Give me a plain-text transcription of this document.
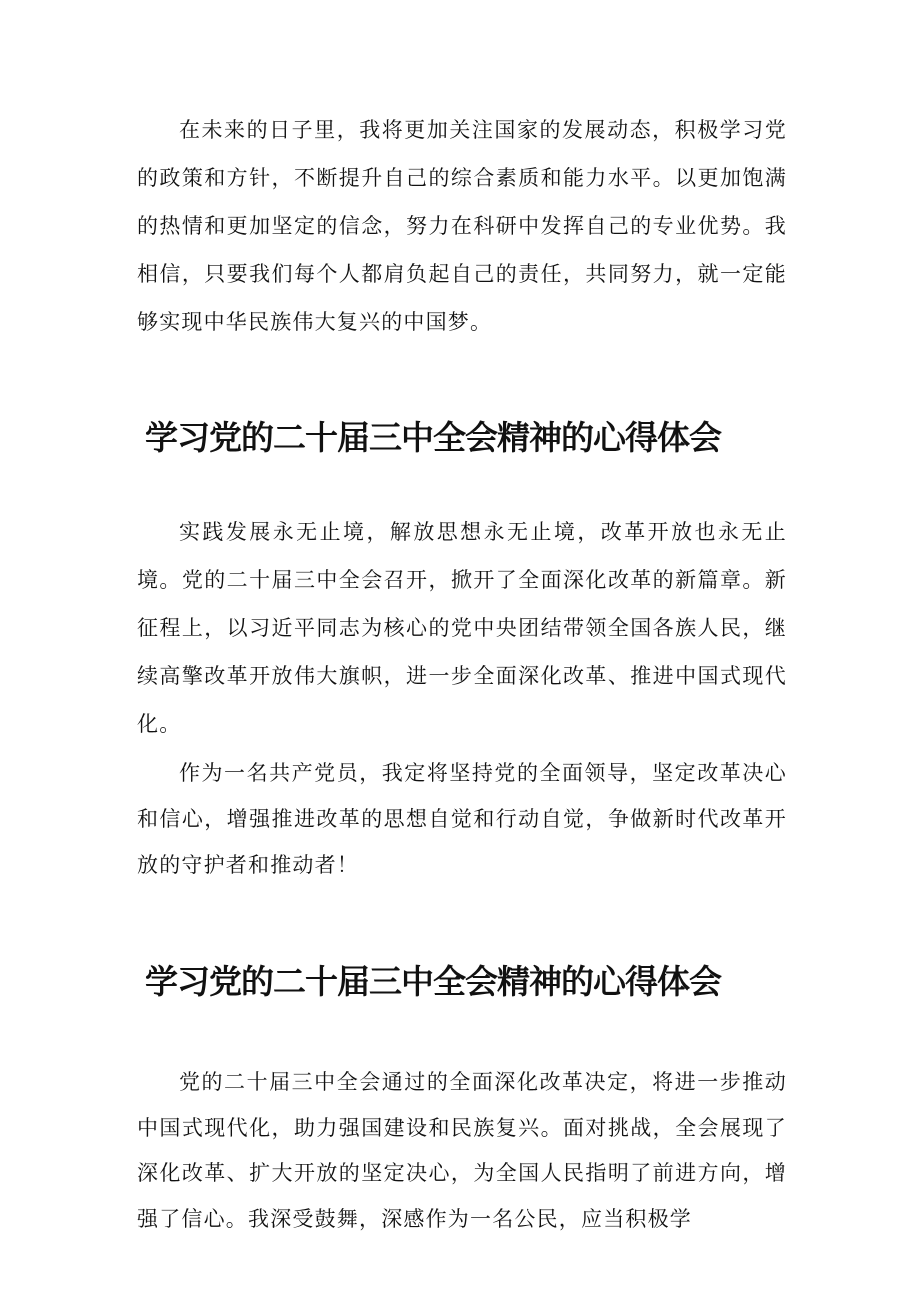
在未来的日子里，我将更加关注国家的发展动态，积极学习党的政策和方针，不断提升自己的综合素质和能力水平。以更加饱满的热情和更加坚定的信念，努力在科研中发挥自己的专业优势。我相信，只要我们每个人都肩负起自己的责任，共同努力，就一定能够实现中华民族伟大复兴的中国梦。

学习党的二十届三中全会精神的心得体会

实践发展永无止境，解放思想永无止境，改革开放也永无止境。党的二十届三中全会召开，掀开了全面深化改革的新篇章。新征程上，以习近平同志为核心的党中央团结带领全国各族人民，继续高擎改革开放伟大旗帜，进一步全面深化改革、推进中国式现代化。

作为一名共产党员，我定将坚持党的全面领导，坚定改革决心和信心，增强推进改革的思想自觉和行动自觉，争做新时代改革开放的守护者和推动者！

学习党的二十届三中全会精神的心得体会

党的二十届三中全会通过的全面深化改革决定，将进一步推动中国式现代化，助力强国建设和民族复兴。面对挑战，全会展现了深化改革、扩大开放的坚定决心，为全国人民指明了前进方向，增强了信心。我深受鼓舞，深感作为一名公民，应当积极学
